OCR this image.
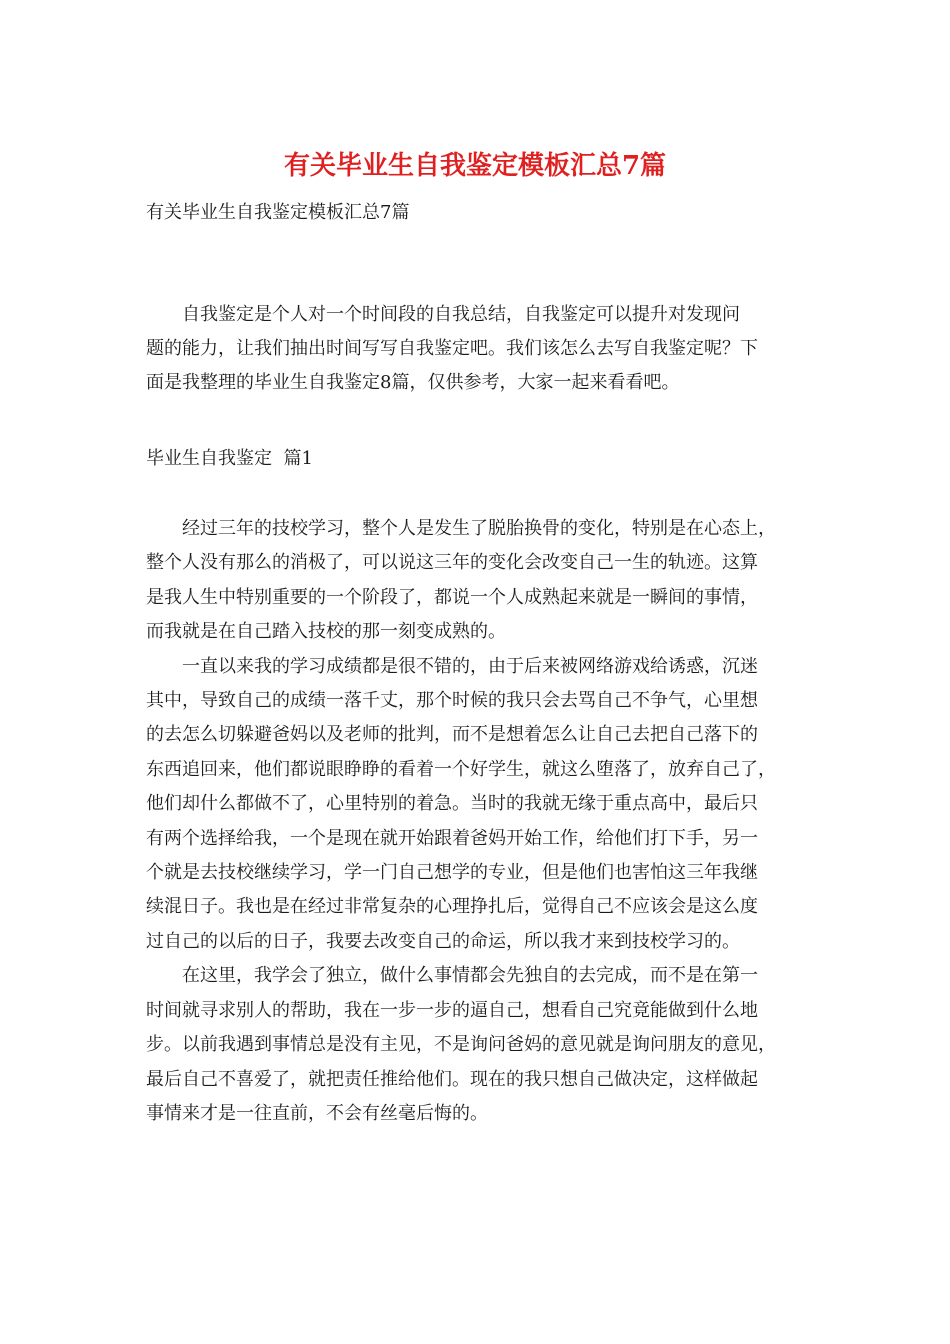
有关毕业生自我鉴定模板汇总7篇

有关毕业生自我鉴定模板汇总7篇

　　自我鉴定是个人对一个时间段的自我总结，自我鉴定可以提升对发现问
题的能力，让我们抽出时间写写自我鉴定吧。我们该怎么去写自我鉴定呢？下
面是我整理的毕业生自我鉴定8篇，仅供参考，大家一起来看看吧。

毕业生自我鉴定  篇1

　　经过三年的技校学习，整个人是发生了脱胎换骨的变化，特别是在心态上，
整个人没有那么的消极了，可以说这三年的变化会改变自己一生的轨迹。这算
是我人生中特别重要的一个阶段了，都说一个人成熟起来就是一瞬间的事情，
而我就是在自己踏入技校的那一刻变成熟的。
　　一直以来我的学习成绩都是很不错的，由于后来被网络游戏给诱惑，沉迷
其中，导致自己的成绩一落千丈，那个时候的我只会去骂自己不争气，心里想
的去怎么切躲避爸妈以及老师的批判，而不是想着怎么让自己去把自己落下的
东西追回来，他们都说眼睁睁的看着一个好学生，就这么堕落了，放弃自己了，
他们却什么都做不了，心里特别的着急。当时的我就无缘于重点高中，最后只
有两个选择给我，一个是现在就开始跟着爸妈开始工作，给他们打下手，另一
个就是去技校继续学习，学一门自己想学的专业，但是他们也害怕这三年我继
续混日子。我也是在经过非常复杂的心理挣扎后，觉得自己不应该会是这么度
过自己的以后的日子，我要去改变自己的命运，所以我才来到技校学习的。
　　在这里，我学会了独立，做什么事情都会先独自的去完成，而不是在第一
时间就寻求别人的帮助，我在一步一步的逼自己，想看自己究竟能做到什么地
步。以前我遇到事情总是没有主见，不是询问爸妈的意见就是询问朋友的意见，
最后自己不喜爱了，就把责任推给他们。现在的我只想自己做决定，这样做起
事情来才是一往直前，不会有丝毫后悔的。
